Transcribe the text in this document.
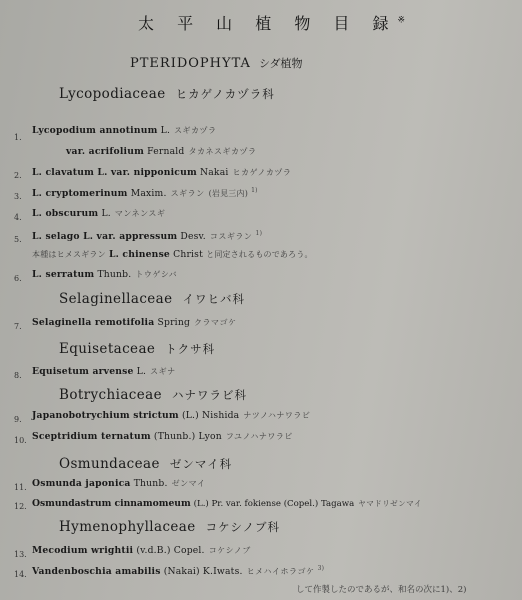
太 平 山 植 物 目 録※
PTERIDOPHYTA シダ植物
Lycopodiaceae ヒカゲノカヅラ科
Selaginellaceae イワヒバ科
Equisetaceae トクサ科
Botrychiaceae ハナワラビ科
Osmundaceae ゼンマイ科
Hymenophyllaceae コケシノブ科
1.
Lycopodium annotinum L. スギカヅラ
var. acrifolium Fernald タカネスギカヅラ
2. L. clavatum L. var. nipponicum Nakai ヒカゲノカヅラ
3. L. cryptomerinum Maxim. スギラン (岩見三内) $^{1)}$
4. L. obscurum L. マンネンスギ
5. L. selago L. var. appressum Desv. コスギラン $^{1)}$
本種はヒメスギラン L. chinense Christ と同定されるものであろう。
6. L. serratum Thunb. トウゲシバ
7. Selaginella remotifolia Spring クラマゴケ
8. Equisetum arvense L. スギナ
9. Japanobotrychium strictum (L.) Nishida ナツノハナワラビ
10. Sceptridium ternatum (Thunb.) Lyon フユノハナワラビ
11. Osmunda japonica Thunb. ゼンマイ
12. Osmundastrum cinnamomeum (L.) Pr. var. fokiense (Copel.) Tagawa ヤマドリゼンマイ
13. Mecodium wrightii (v.d.B.) Copel. コケシノブ
14. Vandenboschia amabilis (Nakai) K.Iwats. ヒメハイホラゴケ $^{3)}$
して作製したのであるが、和名の次に1)、2)
